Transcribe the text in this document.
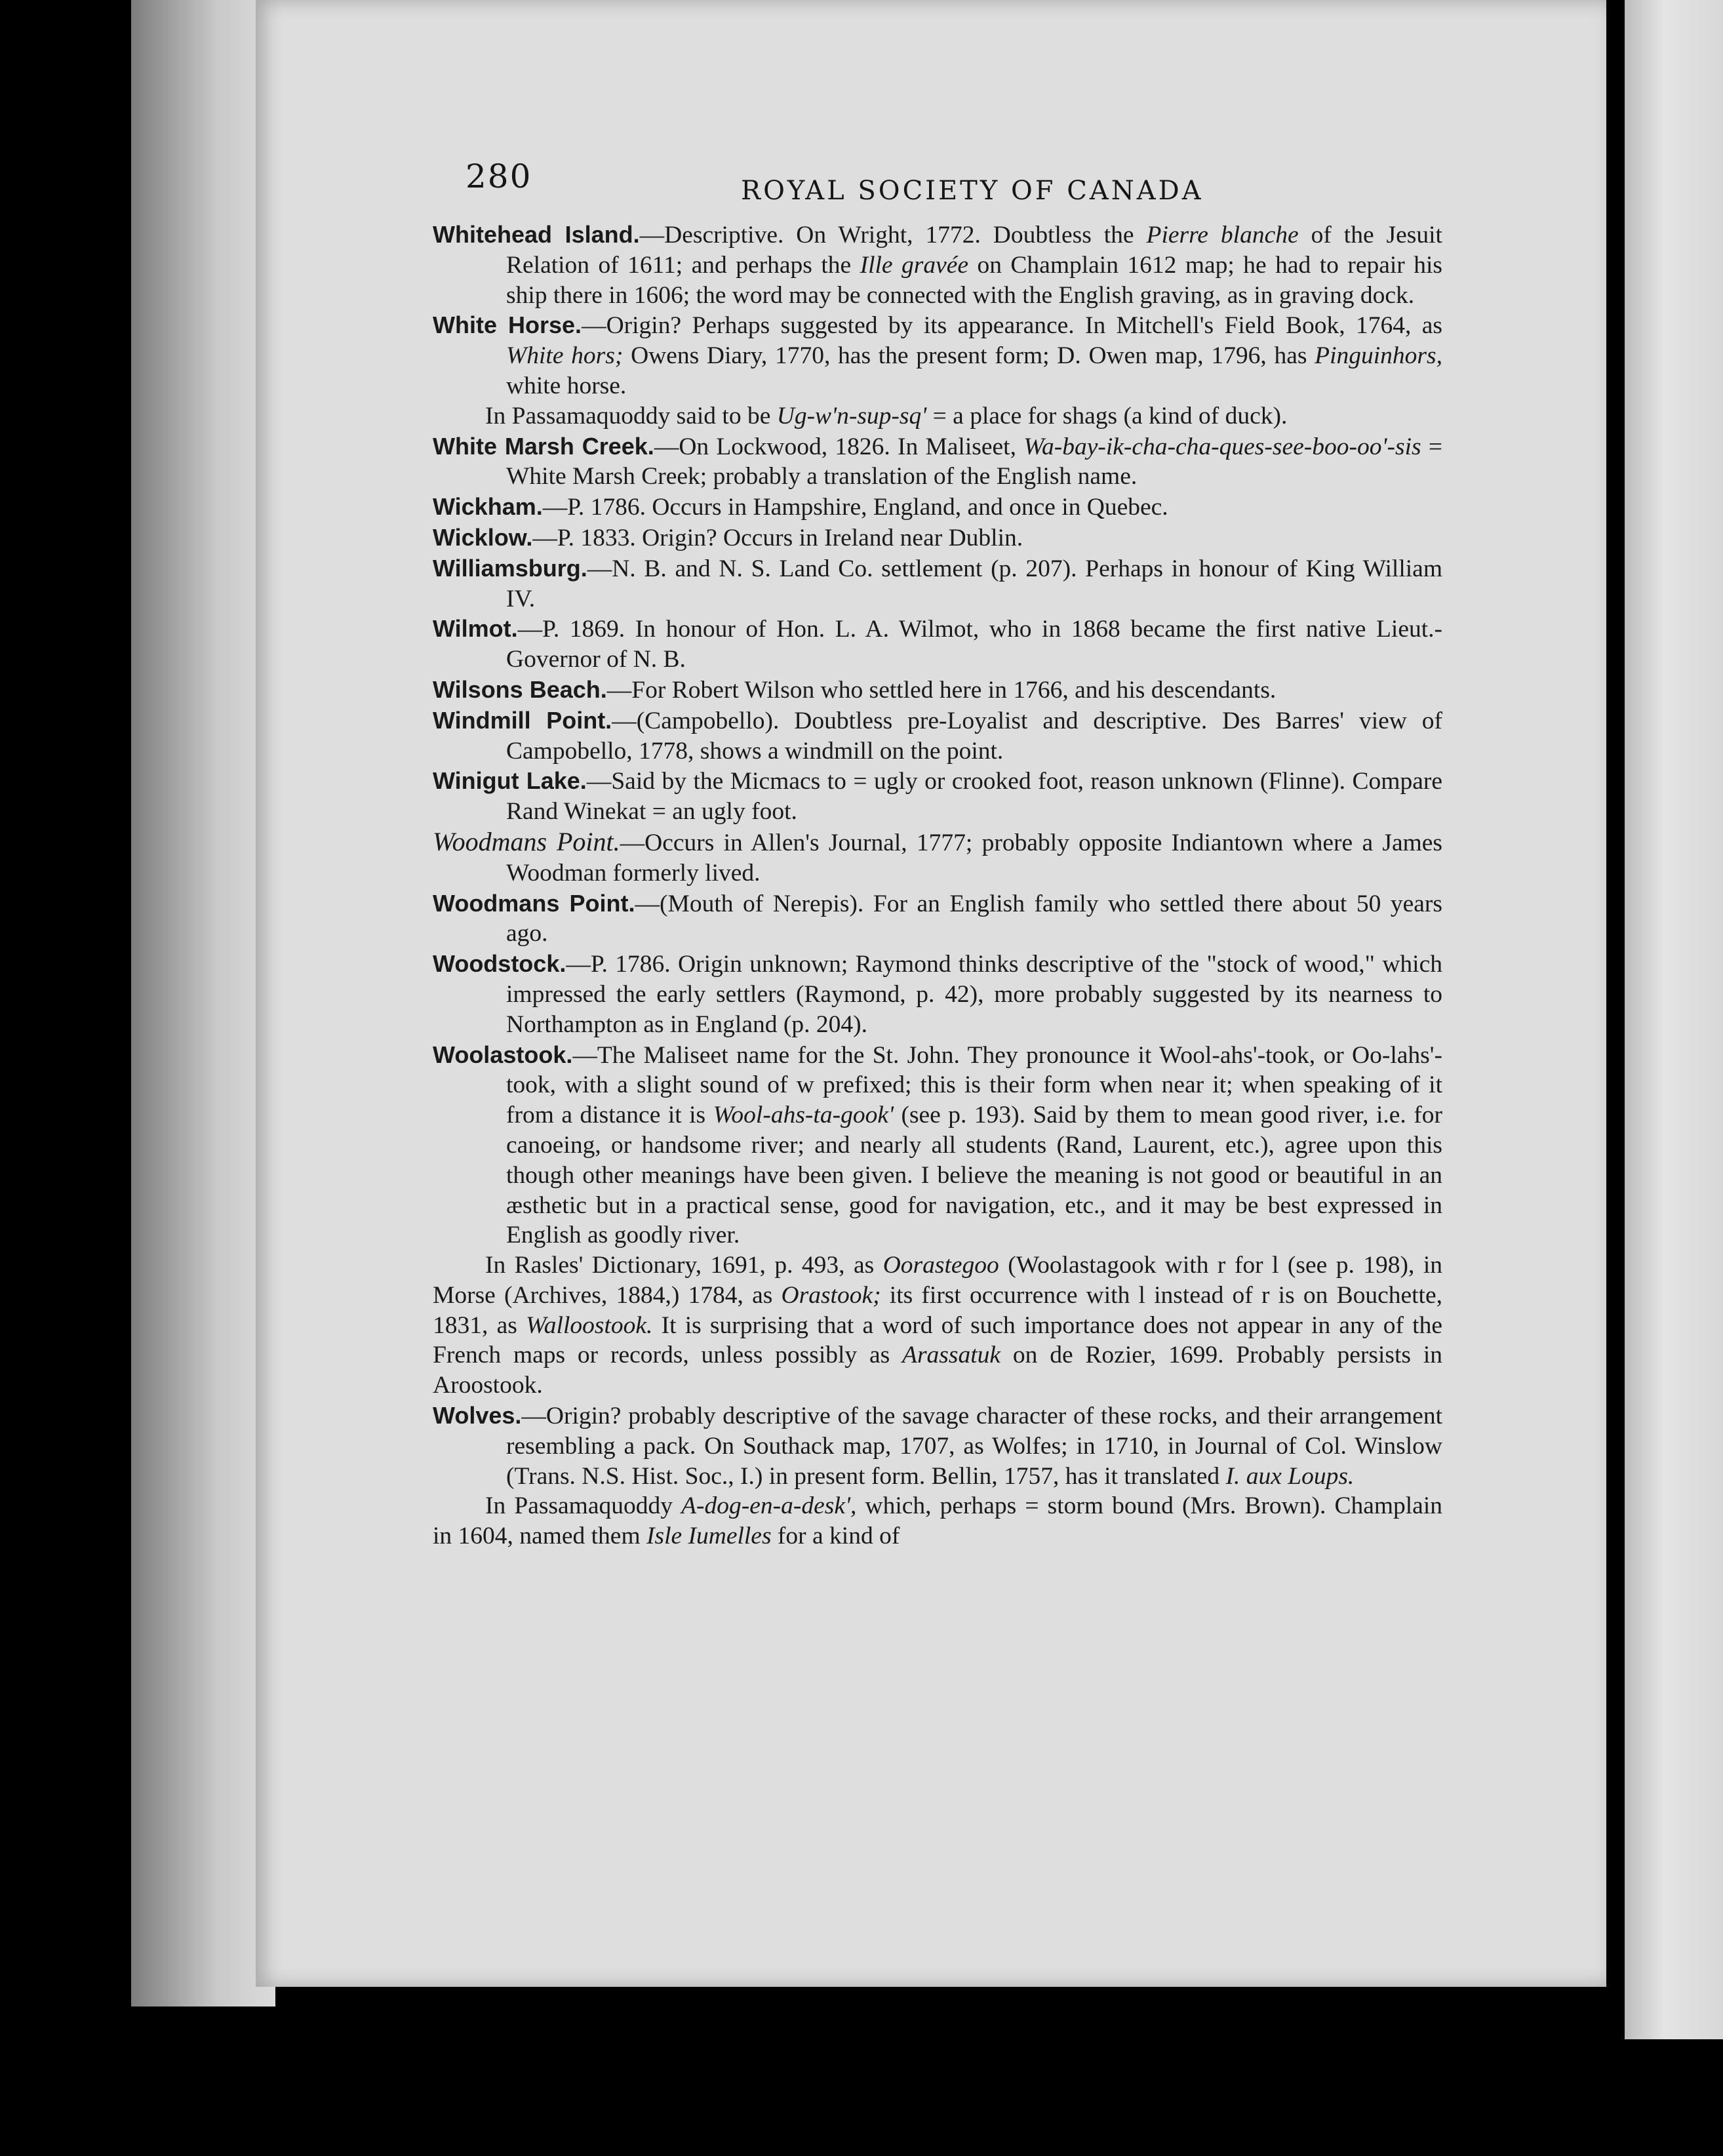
280	ROYAL SOCIETY OF CANADA
Whitehead Island.—Descriptive. On Wright, 1772. Doubtless the Pierre blanche of the Jesuit Relation of 1611; and perhaps the Ille gravée on Champlain 1612 map; he had to repair his ship there in 1606; the word may be connected with the English graving, as in graving dock.
White Horse.—Origin? Perhaps suggested by its appearance. In Mitchell's Field Book, 1764, as White hors; Owens Diary, 1770, has the present form; D. Owen map, 1796, has Pinguinhors, white horse.
In Passamaquoddy said to be Ug-w'n-sup-sq' = a place for shags (a kind of duck).
White Marsh Creek.—On Lockwood, 1826. In Maliseet, Wa-bay-ik-cha-cha-ques-see-boo-oo'-sis = White Marsh Creek; probably a translation of the English name.
Wickham.—P. 1786. Occurs in Hampshire, England, and once in Quebec.
Wicklow.—P. 1833. Origin? Occurs in Ireland near Dublin.
Williamsburg.—N. B. and N. S. Land Co. settlement (p. 207). Perhaps in honour of King William IV.
Wilmot.—P. 1869. In honour of Hon. L. A. Wilmot, who in 1868 became the first native Lieut.-Governor of N. B.
Wilsons Beach.—For Robert Wilson who settled here in 1766, and his descendants.
Windmill Point.—(Campobello). Doubtless pre-Loyalist and descriptive. Des Barres' view of Campobello, 1778, shows a windmill on the point.
Winigut Lake.—Said by the Micmacs to = ugly or crooked foot, reason unknown (Flinne). Compare Rand Winekat = an ugly foot.
Woodmans Point.—Occurs in Allen's Journal, 1777; probably opposite Indiantown where a James Woodman formerly lived.
Woodmans Point.—(Mouth of Nerepis). For an English family who settled there about 50 years ago.
Woodstock.—P. 1786. Origin unknown; Raymond thinks descriptive of the "stock of wood," which impressed the early settlers (Raymond, p. 42), more probably suggested by its nearness to Northampton as in England (p. 204).
Woolastook.—The Maliseet name for the St. John. They pronounce it Wool-ahs'-took, or Oo-lahs'-took, with a slight sound of w prefixed; this is their form when near it; when speaking of it from a distance it is Wool-ahs-ta-gook' (see p. 193). Said by them to mean good river, i.e. for canoeing, or handsome river; and nearly all students (Rand, Laurent, etc.), agree upon this though other meanings have been given. I believe the meaning is not good or beautiful in an æsthetic but in a practical sense, good for navigation, etc., and it may be best expressed in English as goodly river.
In Rasles' Dictionary, 1691, p. 493, as Oorastegoo (Woolastagook with r for l (see p. 198), in Morse (Archives, 1884,) 1784, as Orastook; its first occurrence with l instead of r is on Bouchette, 1831, as Walloostook. It is surprising that a word of such importance does not appear in any of the French maps or records, unless possibly as Arassatuk on de Rozier, 1699. Probably persists in Aroostook.
Wolves.—Origin? probably descriptive of the savage character of these rocks, and their arrangement resembling a pack. On Southack map, 1707, as Wolfes; in 1710, in Journal of Col. Winslow (Trans. N.S. Hist. Soc., I.) in present form. Bellin, 1757, has it translated I. aux Loups.
In Passamaquoddy A-dog-en-a-desk', which, perhaps = storm bound (Mrs. Brown). Champlain in 1604, named them Isle Iumelles for a kind of
